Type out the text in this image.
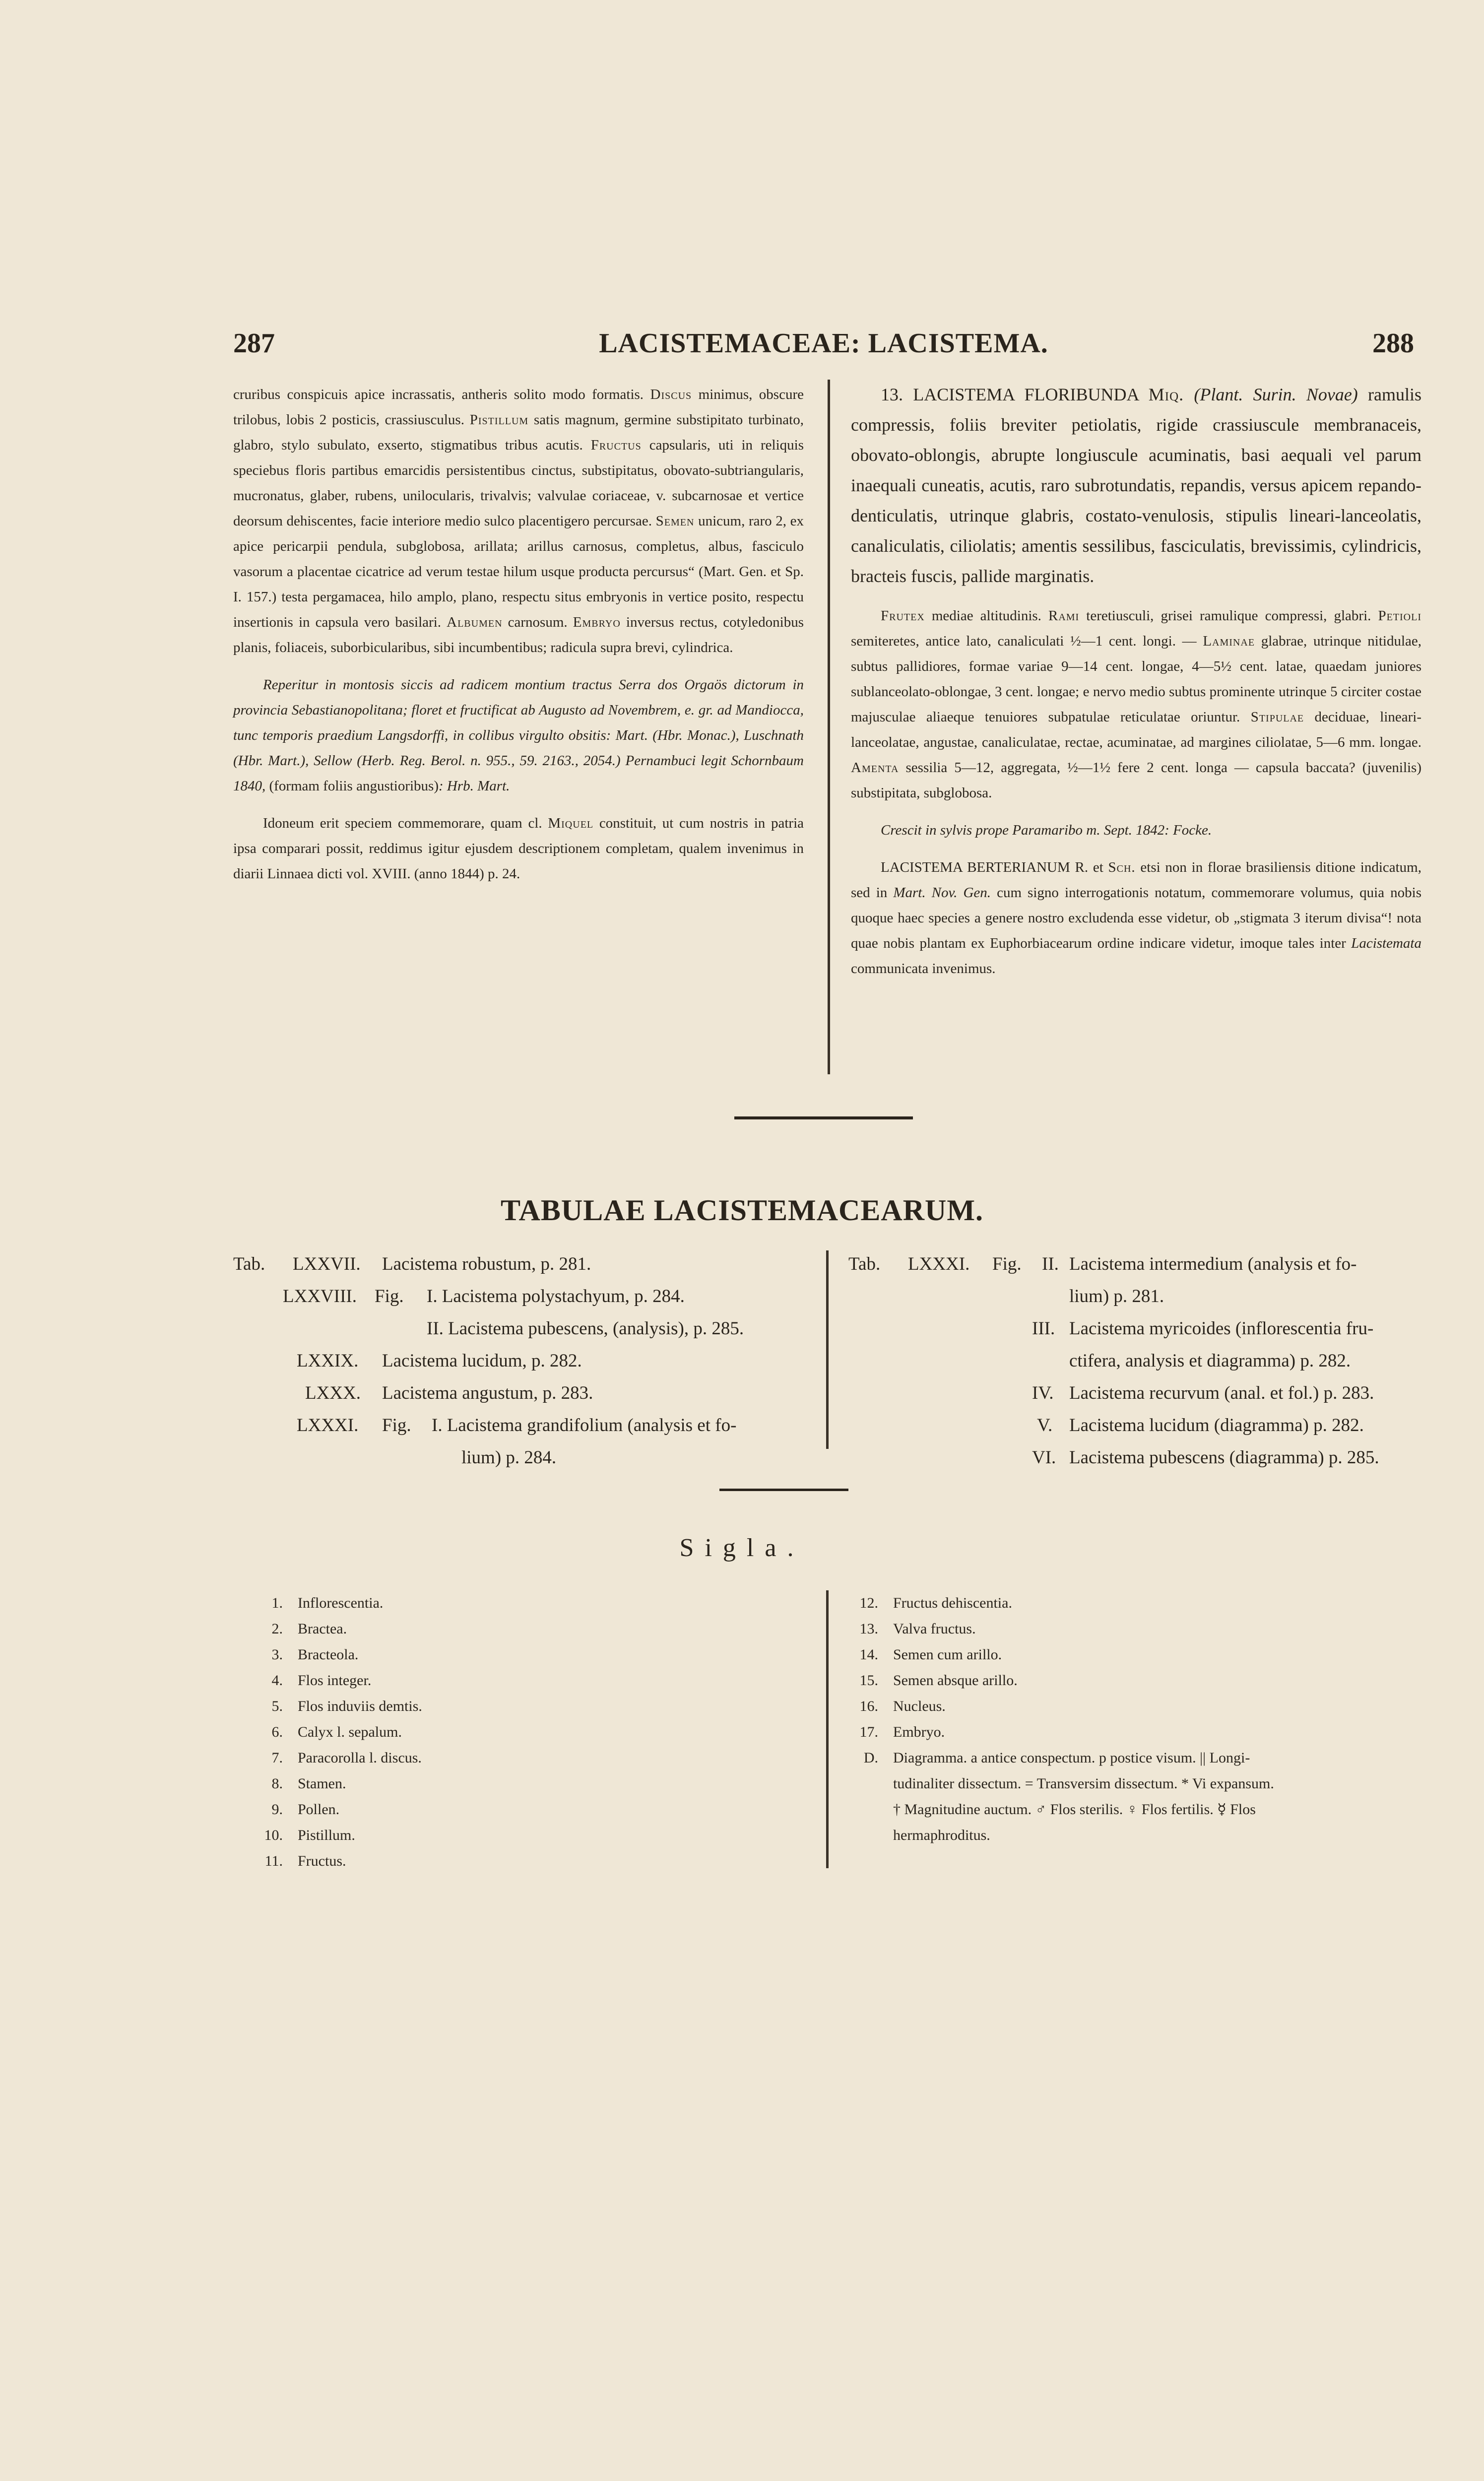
287	LACISTEMACEAE: LACISTEMA.	288

cruribus conspicuis apice incrassatis, antheris solito modo formatis. Discus minimus, obscure trilobus, lobis 2 posticis, crassiusculus. Pistillum satis magnum, germine substipitato turbinato, glabro, stylo subulato, exserto, stigmatibus tribus acutis. Fructus capsularis, uti in reliquis speciebus floris partibus emarcidis persistentibus cinctus, substipitatus, obovato-subtriangularis, mucronatus, glaber, rubens, unilocularis, trivalvis; valvulae coriaceae, v. subcarnosae et vertice deorsum dehiscentes, facie interiore medio sulco placentigero percursae. Semen unicum, raro 2, ex apice pericarpii pendula, subglobosa, arillata; arillus carnosus, completus, albus, fasciculo vasorum a placentae cicatrice ad verum testae hilum usque producta percursus“ (Mart. Gen. et Sp. I. 157.) testa pergamacea, hilo amplo, plano, respectu situs embryonis in vertice posito, respectu insertionis in capsula vero basilari. Albumen carnosum. Embryo inversus rectus, cotyledonibus planis, foliaceis, suborbicularibus, sibi incumbentibus; radicula supra brevi, cylindrica.

Reperitur in montosis siccis ad radicem montium tractus Serra dos Orgaös dictorum in provincia Sebastianopolitana; floret et fructificat ab Augusto ad Novembrem, e. gr. ad Mandiocca, tunc temporis praedium Langsdorffi, in collibus virgulto obsitis: Mart. (Hbr. Monac.), Luschnath (Hbr. Mart.), Sellow (Herb. Reg. Berol. n. 955., 59. 2163., 2054.) Pernambuci legit Schornbaum 1840, (formam foliis angustioribus): Hrb. Mart.

Idoneum erit speciem commemorare, quam cl. Miquel constituit, ut cum nostris in patria ipsa comparari possit, reddimus igitur ejusdem descriptionem completam, qualem invenimus in diarii Linnaea dicti vol. XVIII. (anno 1844) p. 24.

13. LACISTEMA FLORIBUNDA Miq. (Plant. Surin. Novae) ramulis compressis, foliis breviter petiolatis, rigide crassiuscule membranaceis, obovato-oblongis, abrupte longiuscule acuminatis, basi aequali vel parum inaequali cuneatis, acutis, raro subrotundatis, repandis, versus apicem repando-denticulatis, utrinque glabris, costato-venulosis, stipulis lineari-lanceolatis, canaliculatis, ciliolatis; amentis sessilibus, fasciculatis, brevissimis, cylindricis, bracteis fuscis, pallide marginatis.

Frutex mediae altitudinis. Rami teretiusculi, grisei ramulique compressi, glabri. Petioli semiteretes, antice lato, canaliculati ½—1 cent. longi. — Laminae glabrae, utrinque nitidulae, subtus pallidiores, formae variae 9—14 cent. longae, 4—5½ cent. latae, quaedam juniores sublanceolato-oblongae, 3 cent. longae; e nervo medio subtus prominente utrinque 5 circiter costae majusculae aliaeque tenuiores subpatulae reticulatae oriuntur. Stipulae deciduae, lineari-lanceolatae, angustae, canaliculatae, rectae, acuminatae, ad margines ciliolatae, 5—6 mm. longae. Amenta sessilia 5—12, aggregata, ½—1½ fere 2 cent. longa — capsula baccata? (juvenilis) substipitata, subglobosa.

Crescit in sylvis prope Paramaribo m. Sept. 1842: Focke.

LACISTEMA BERTERIANUM R. et Sch. etsi non in florae brasiliensis ditione indicatum, sed in Mart. Nov. Gen. cum signo interrogationis notatum, commemorare volumus, quia nobis quoque haec species a genere nostro excludenda esse videtur, ob „stigmata 3 iterum divisa“! nota quae nobis plantam ex Euphorbiacearum ordine indicare videtur, imoque tales inter Lacistemata communicata invenimus.

TABULAE LACISTEMACEARUM.
Tab. LXXVII. Lacistema robustum, p. 281.
LXXVIII. Fig. I. Lacistema polystachyum, p. 284.
II. Lacistema pubescens, (analysis), p. 285.
LXXIX. Lacistema lucidum, p. 282.
LXXX. Lacistema angustum, p. 283.
LXXXI. Fig. I. Lacistema grandifolium (analysis et fo-
lium) p. 284.
Tab. LXXXI. Fig. II. Lacistema intermedium (analysis et fo-
lium) p. 281.
III. Lacistema myricoides (inflorescentia fru-
ctifera, analysis et diagramma) p. 282.
IV. Lacistema recurvum (anal. et fol.) p. 283.
V. Lacistema lucidum (diagramma) p. 282.
VI. Lacistema pubescens (diagramma) p. 285.
Sigla.
1. Inflorescentia.
2. Bractea.
3. Bracteola.
4. Flos integer.
5. Flos induviis demtis.
6. Calyx l. sepalum.
7. Paracorolla l. discus.
8. Stamen.
9. Pollen.
10. Pistillum.
11. Fructus.
12. Fructus dehiscentia.
13. Valva fructus.
14. Semen cum arillo.
15. Semen absque arillo.
16. Nucleus.
17. Embryo.
D. Diagramma. a antice conspectum. p postice visum. || Longi-
tudinaliter dissectum. = Transversim dissectum. * Vi expansum.
† Magnitudine auctum. ♂ Flos sterilis. ♀ Flos fertilis. ☿ Flos
hermaphroditus.
